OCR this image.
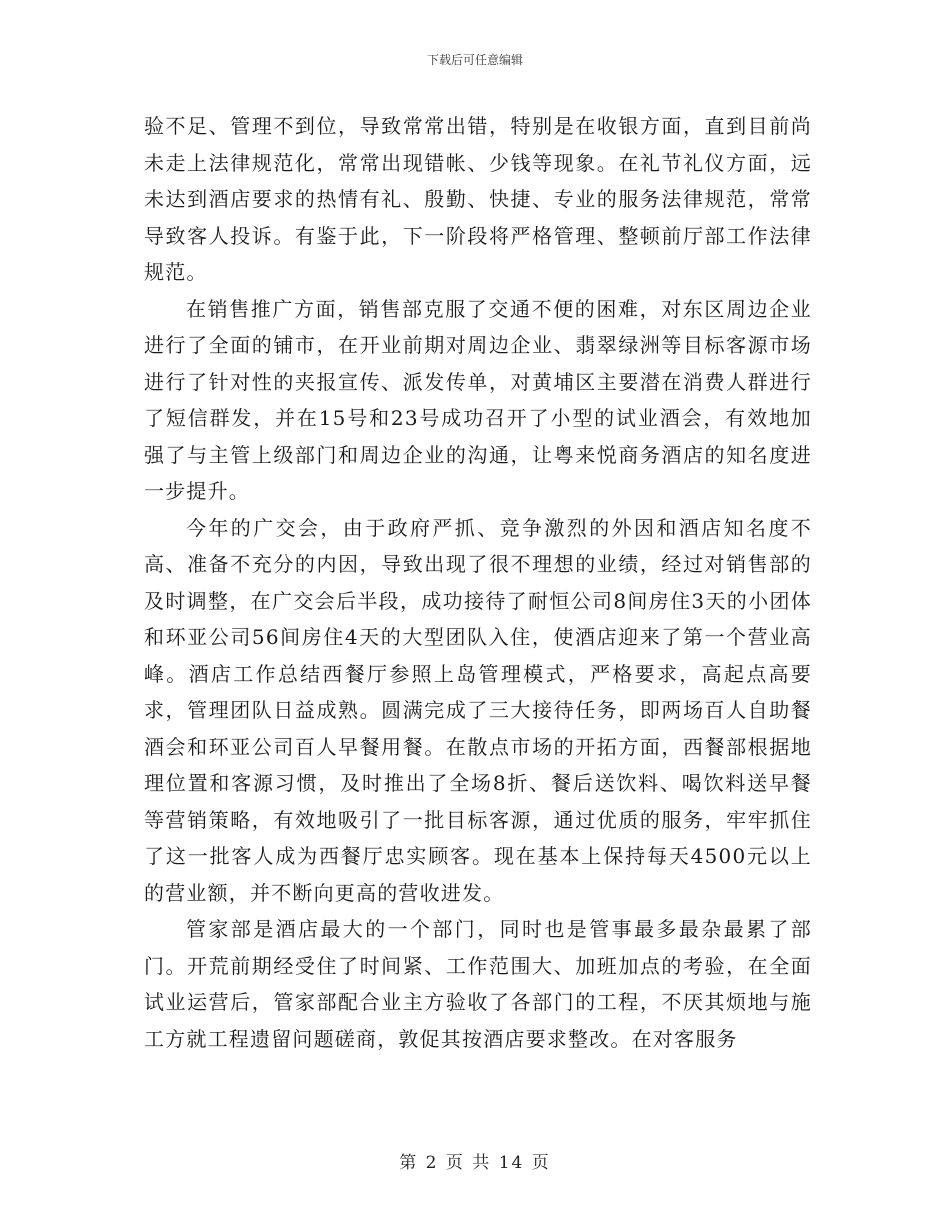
下载后可任意编辑

验不足、管理不到位，导致常常出错，特别是在收银方面，直到目前尚未走上法律规范化，常常出现错帐、少钱等现象。在礼节礼仪方面，远未达到酒店要求的热情有礼、殷勤、快捷、专业的服务法律规范，常常导致客人投诉。有鉴于此，下一阶段将严格管理、整顿前厅部工作法律规范。

在销售推广方面，销售部克服了交通不便的困难，对东区周边企业进行了全面的铺市，在开业前期对周边企业、翡翠绿洲等目标客源市场进行了针对性的夹报宣传、派发传单，对黄埔区主要潜在消费人群进行了短信群发，并在15号和23号成功召开了小型的试业酒会，有效地加强了与主管上级部门和周边企业的沟通，让粤来悦商务酒店的知名度进一步提升。

今年的广交会，由于政府严抓、竞争激烈的外因和酒店知名度不高、准备不充分的内因，导致出现了很不理想的业绩，经过对销售部的及时调整，在广交会后半段，成功接待了耐恒公司8间房住3天的小团体和环亚公司56间房住4天的大型团队入住，使酒店迎来了第一个营业高峰。酒店工作总结西餐厅参照上岛管理模式，严格要求，高起点高要求，管理团队日益成熟。圆满完成了三大接待任务，即两场百人自助餐酒会和环亚公司百人早餐用餐。在散点市场的开拓方面，西餐部根据地理位置和客源习惯，及时推出了全场8折、餐后送饮料、喝饮料送早餐等营销策略，有效地吸引了一批目标客源，通过优质的服务，牢牢抓住了这一批客人成为西餐厅忠实顾客。现在基本上保持每天4500元以上的营业额，并不断向更高的营收进发。

管家部是酒店最大的一个部门，同时也是管事最多最杂最累了部门。开荒前期经受住了时间紧、工作范围大、加班加点的考验，在全面试业运营后，管家部配合业主方验收了各部门的工程，不厌其烦地与施工方就工程遗留问题磋商，敦促其按酒店要求整改。在对客服务

第 2 页 共 14 页
